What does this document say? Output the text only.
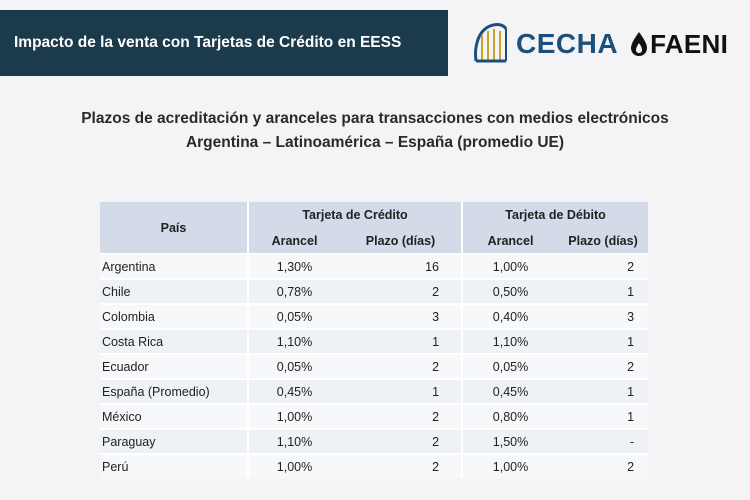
Impacto de la venta con Tarjetas de Crédito en EESS	CECHA FAENI
Plazos de acreditación y aranceles para transacciones con medios electrónicos
Argentina – Latinoamérica – España (promedio UE)
País	Tarjeta de Crédito		Tarjeta de Débito	
	Arancel	Plazo (días)	Arancel	Plazo (días)
Argentina	1,30%	16	1,00%	2
Chile	0,78%	2	0,50%	1
Colombia	0,05%	3	0,40%	3
Costa Rica	1,10%	1	1,10%	1
Ecuador	0,05%	2	0,05%	2
España (Promedio)	0,45%	1	0,45%	1
México	1,00%	2	0,80%	1
Paraguay	1,10%	2	1,50%	-
Perú	1,00%	2	1,00%	2
